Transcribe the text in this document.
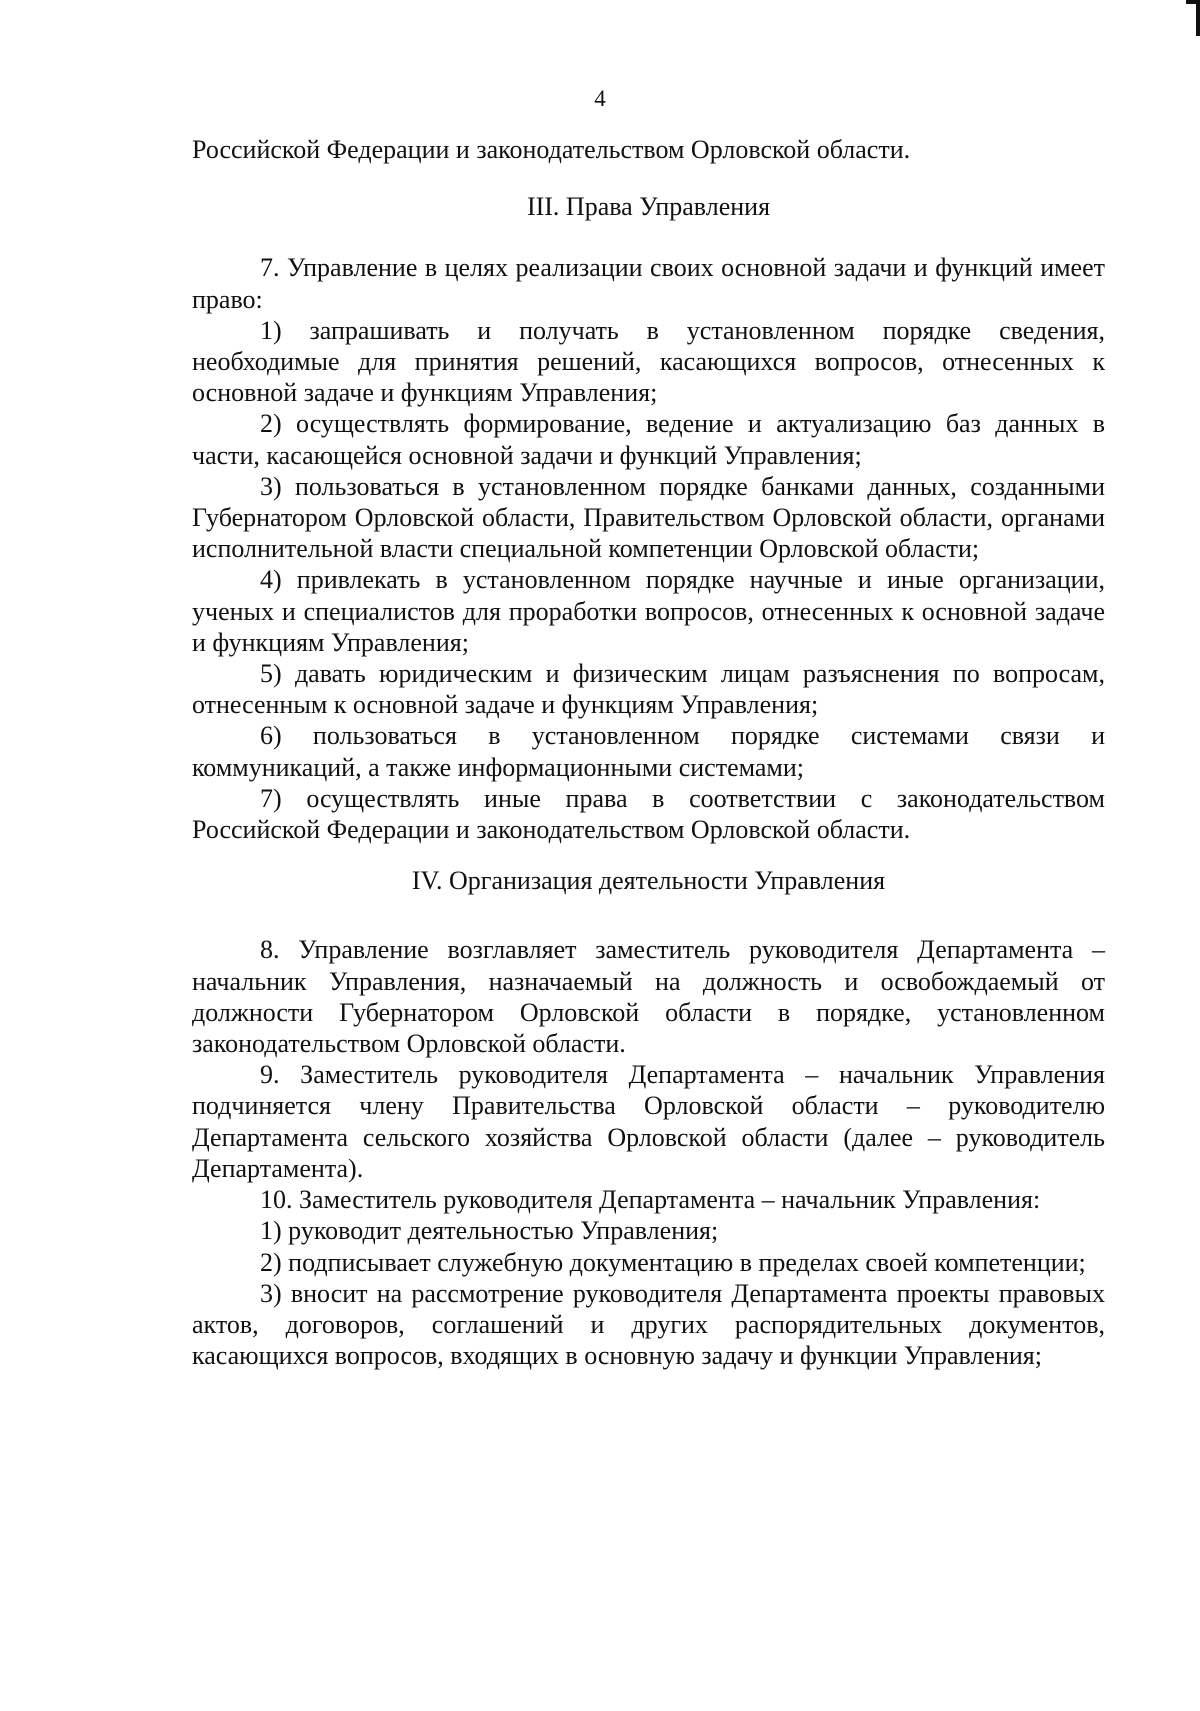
4

Российской Федерации и законодательством Орловской области.

III. Права Управления

7. Управление в целях реализации своих основной задачи и функций имеет право:

1) запрашивать и получать в установленном порядке сведения, необходимые для принятия решений, касающихся вопросов, отнесенных к основной задаче и функциям Управления;

2) осуществлять формирование, ведение и актуализацию баз данных в части, касающейся основной задачи и функций Управления;

3) пользоваться в установленном порядке банками данных, созданными Губернатором Орловской области, Правительством Орловской области, органами исполнительной власти специальной компетенции Орловской области;

4) привлекать в установленном порядке научные и иные организации, ученых и специалистов для проработки вопросов, отнесенных к основной задаче и функциям Управления;

5) давать юридическим и физическим лицам разъяснения по вопросам, отнесенным к основной задаче и функциям Управления;

6) пользоваться в установленном порядке системами связи и коммуникаций, а также информационными системами;

7) осуществлять иные права в соответствии с законодательством Российской Федерации и законодательством Орловской области.

IV. Организация деятельности Управления

8. Управление возглавляет заместитель руководителя Департамента – начальник Управления, назначаемый на должность и освобождаемый от должности Губернатором Орловской области в порядке, установленном законодательством Орловской области.

9. Заместитель руководителя Департамента – начальник Управления подчиняется члену Правительства Орловской области – руководителю Департамента сельского хозяйства Орловской области (далее – руководитель Департамента).

10. Заместитель руководителя Департамента – начальник Управления:

1) руководит деятельностью Управления;

2) подписывает служебную документацию в пределах своей компетенции;

3) вносит на рассмотрение руководителя Департамента проекты правовых актов, договоров, соглашений и других распорядительных документов, касающихся вопросов, входящих в основную задачу и функции Управления;
